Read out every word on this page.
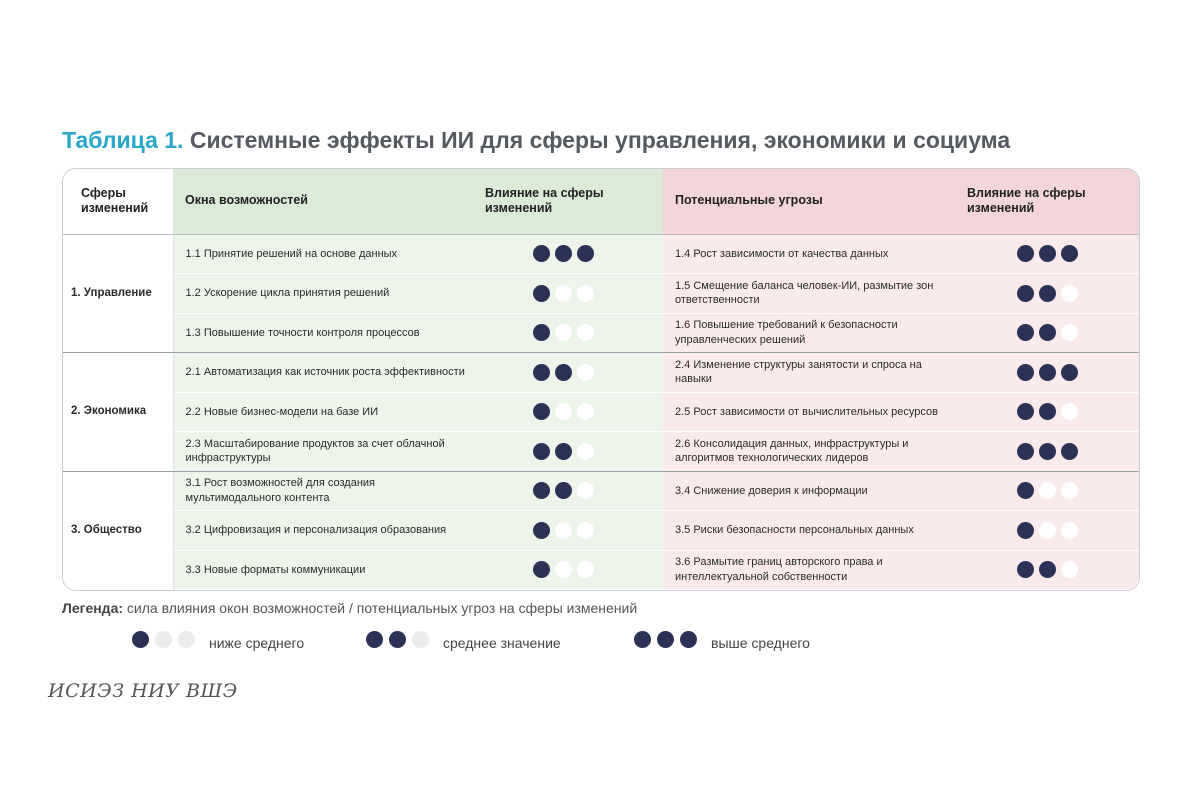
Таблица 1. Системные эффекты ИИ для сферы управления, экономики и социума
Сферы изменений	Окна возможностей	Влияние на сферы изменений	Потенциальные угрозы	Влияние на сферы изменений
1. Управление	1.1 Принятие решений на основе данных		1.4 Рост зависимости от качества данных	

	1.2 Ускорение цикла принятия решений		1.5 Смещение баланса человек-ИИ, размытие зон ответственности	

	1.3 Повышение точности контроля процессов		1.6 Повышение требований к безопасности управленческих решений	

2. Экономика	2.1 Автоматизация как источник роста эффективности		2.4 Изменение структуры занятости и спроса на навыки	

	2.2 Новые бизнес-модели на базе ИИ		2.5 Рост зависимости от вычислительных ресурсов	

	2.3 Масштабирование продуктов за счет облачной инфраструктуры		2.6 Консолидация данных, инфраструктуры и алгоритмов технологических лидеров	

3. Общество	3.1 Рост возможностей для создания мультимодального контента		3.4 Снижение доверия к информации	

	3.2 Цифровизация и персонализация образования		3.5 Риски безопасности персональных данных	

	3.3 Новые форматы коммуникации		3.6 Размытие границ авторского права и интеллектуальной собственности	
Легенда: сила влияния окон возможностей / потенциальных угроз на сферы изменений
ниже среднего	среднее значение	выше среднего
ИСИЭЗ НИУ ВШЭ
